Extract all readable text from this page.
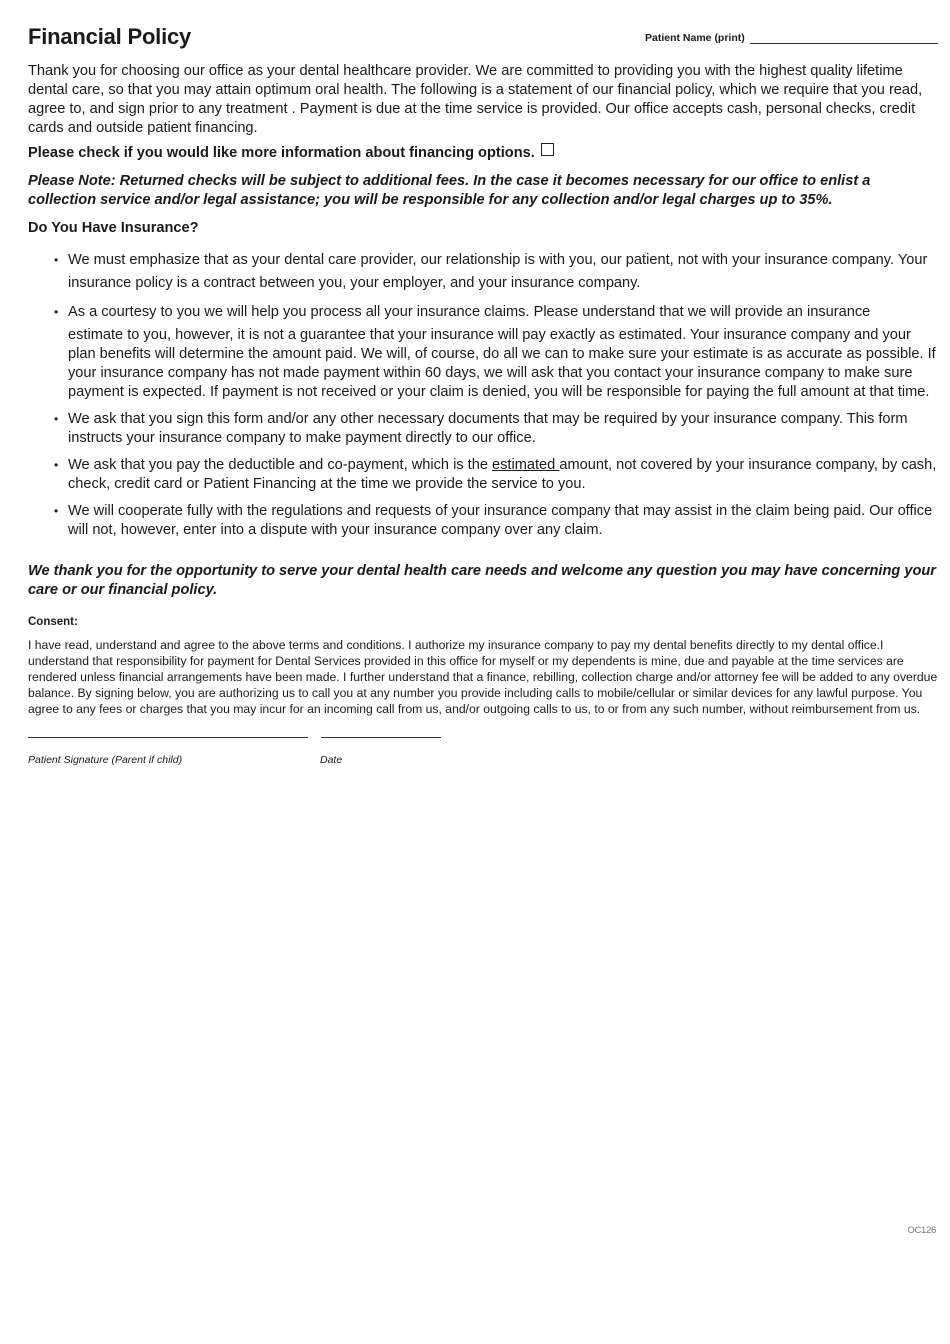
Financial Policy	Patient Name (print)
Thank you for choosing our office as your dental healthcare provider. We are committed to providing you with the highest quality lifetime dental care, so that you may attain optimum oral health. The following is a statement of our financial policy, which we require that you read, agree to, and sign prior to any treatment . Payment is due at the time service is provided. Our office accepts cash, personal checks, credit cards and outside patient financing.
Please check if you would like more information about financing options.
Please Note: Returned checks will be subject to additional fees. In the case it becomes necessary for our office to enlist a collection service and/or legal assistance; you will be responsible for any collection and/or legal charges up to 35%.
Do You Have Insurance?
• We must emphasize that as your dental care provider, our relationship is with you, our patient, not with your insurance company. Your insurance policy is a contract between you, your employer, and your insurance company.
• As a courtesy to you we will help you process all your insurance claims. Please understand that we will provide an insurance
estimate to you, however, it is not a guarantee that your insurance will pay exactly as estimated. Your insurance company and your plan benefits will determine the amount paid. We will, of course, do all we can to make sure your estimate is as accurate as possible. If your insurance company has not made payment within 60 days, we will ask that you contact your insurance company to make sure payment is expected. If payment is not received or your claim is denied, you will be responsible for paying the full amount at that time.
• We ask that you sign this form and/or any other necessary documents that may be required by your insurance company. This form instructs your insurance company to make payment directly to our office.
• We ask that you pay the deductible and co-payment, which is the estimated amount, not covered by your insurance company, by cash, check, credit card or Patient Financing at the time we provide the service to you.
• We will cooperate fully with the regulations and requests of your insurance company that may assist in the claim being paid. Our office will not, however, enter into a dispute with your insurance company over any claim.
We thank you for the opportunity to serve your dental health care needs and welcome any question you may have concerning your care or our financial policy.
Consent:
I have read, understand and agree to the above terms and conditions. I authorize my insurance company to pay my dental benefits directly to my dental office.I understand that responsibility for payment for Dental Services provided in this office for myself or my dependents is mine, due and payable at the time services are rendered unless financial arrangements have been made. I further understand that a finance, rebilling, collection charge and/or attorney fee will be added to any overdue balance. By signing below, you are authorizing us to call you at any number you provide including calls to mobile/cellular or similar devices for any lawful purpose. You agree to any fees or charges that you may incur for an incoming call from us, and/or outgoing calls to us, to or from any such number, without reimbursement from us.
Patient Signature (Parent if child)	Date
OC126
